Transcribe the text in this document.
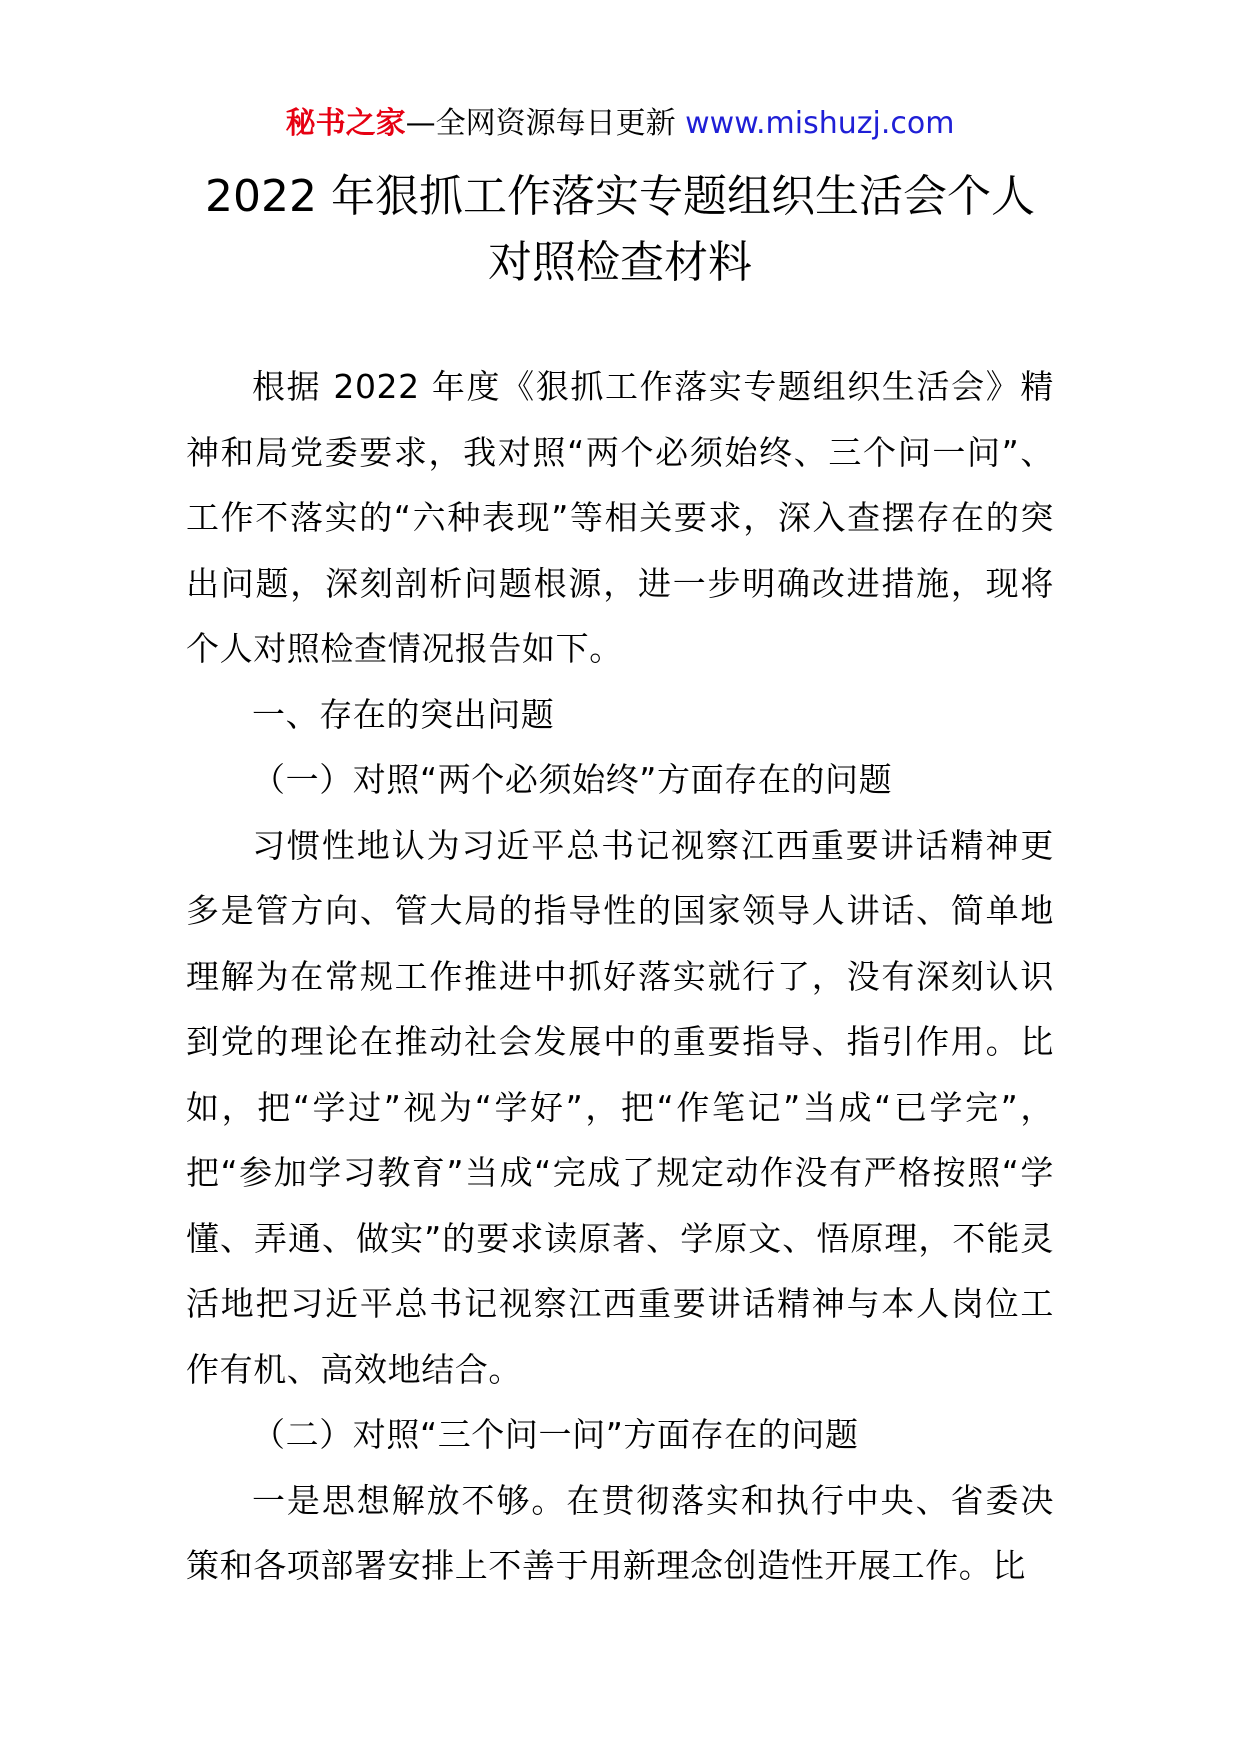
秘书之家—全网资源每日更新 www.mishuzj.com
2022 年狠抓工作落实专题组织生活会个人
对照检查材料

根据 2022 年度《狠抓工作落实专题组织生活会》精神和局党委要求，我对照“两个必须始终、三个问一问”、工作不落实的“六种表现”等相关要求，深入查摆存在的突出问题，深刻剖析问题根源，进一步明确改进措施，现将个人对照检查情况报告如下。

一、存在的突出问题

（一）对照“两个必须始终”方面存在的问题

习惯性地认为习近平总书记视察江西重要讲话精神更多是管方向、管大局的指导性的国家领导人讲话、简单地理解为在常规工作推进中抓好落实就行了，没有深刻认识到党的理论在推动社会发展中的重要指导、指引作用。比如，把“学过”视为“学好”，把“作笔记”当成“已学完”，把“参加学习教育”当成“完成了规定动作没有严格按照“学懂、弄通、做实”的要求读原著、学原文、悟原理，不能灵活地把习近平总书记视察江西重要讲话精神与本人岗位工作有机、高效地结合。

（二）对照“三个问一问”方面存在的问题

一是思想解放不够。在贯彻落实和执行中央、省委决策和各项部署安排上不善于用新理念创造性开展工作。比
